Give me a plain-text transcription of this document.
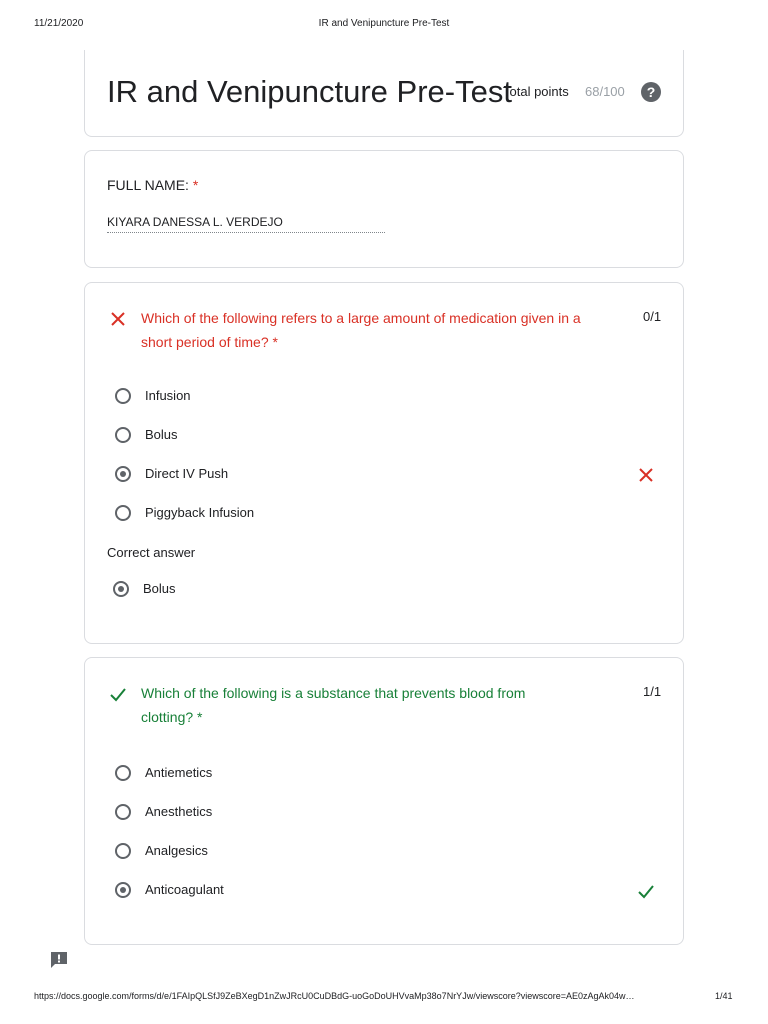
11/21/2020	IR and Venipuncture Pre-Test
IR and Venipuncture Pre-Test
Total points 68/100	?
FULL NAME: *
KIYARA DANESSA L. VERDEJO
Which of the following refers to a large amount of medication given in a short period of time? *
0/1
Infusion
Bolus
Direct IV Push
Piggyback Infusion
Correct answer
Bolus
Which of the following is a substance that prevents blood from clotting? *
1/1
Antiemetics
Anesthetics
Analgesics
Anticoagulant
https://docs.google.com/forms/d/e/1FAIpQLSfJ9ZeBXegD1nZwJRcU0CuDBdG-uoGoDoUHVvaMp38o7NrYJw/viewscore?viewscore=AE0zAgAk04w…	1/41
